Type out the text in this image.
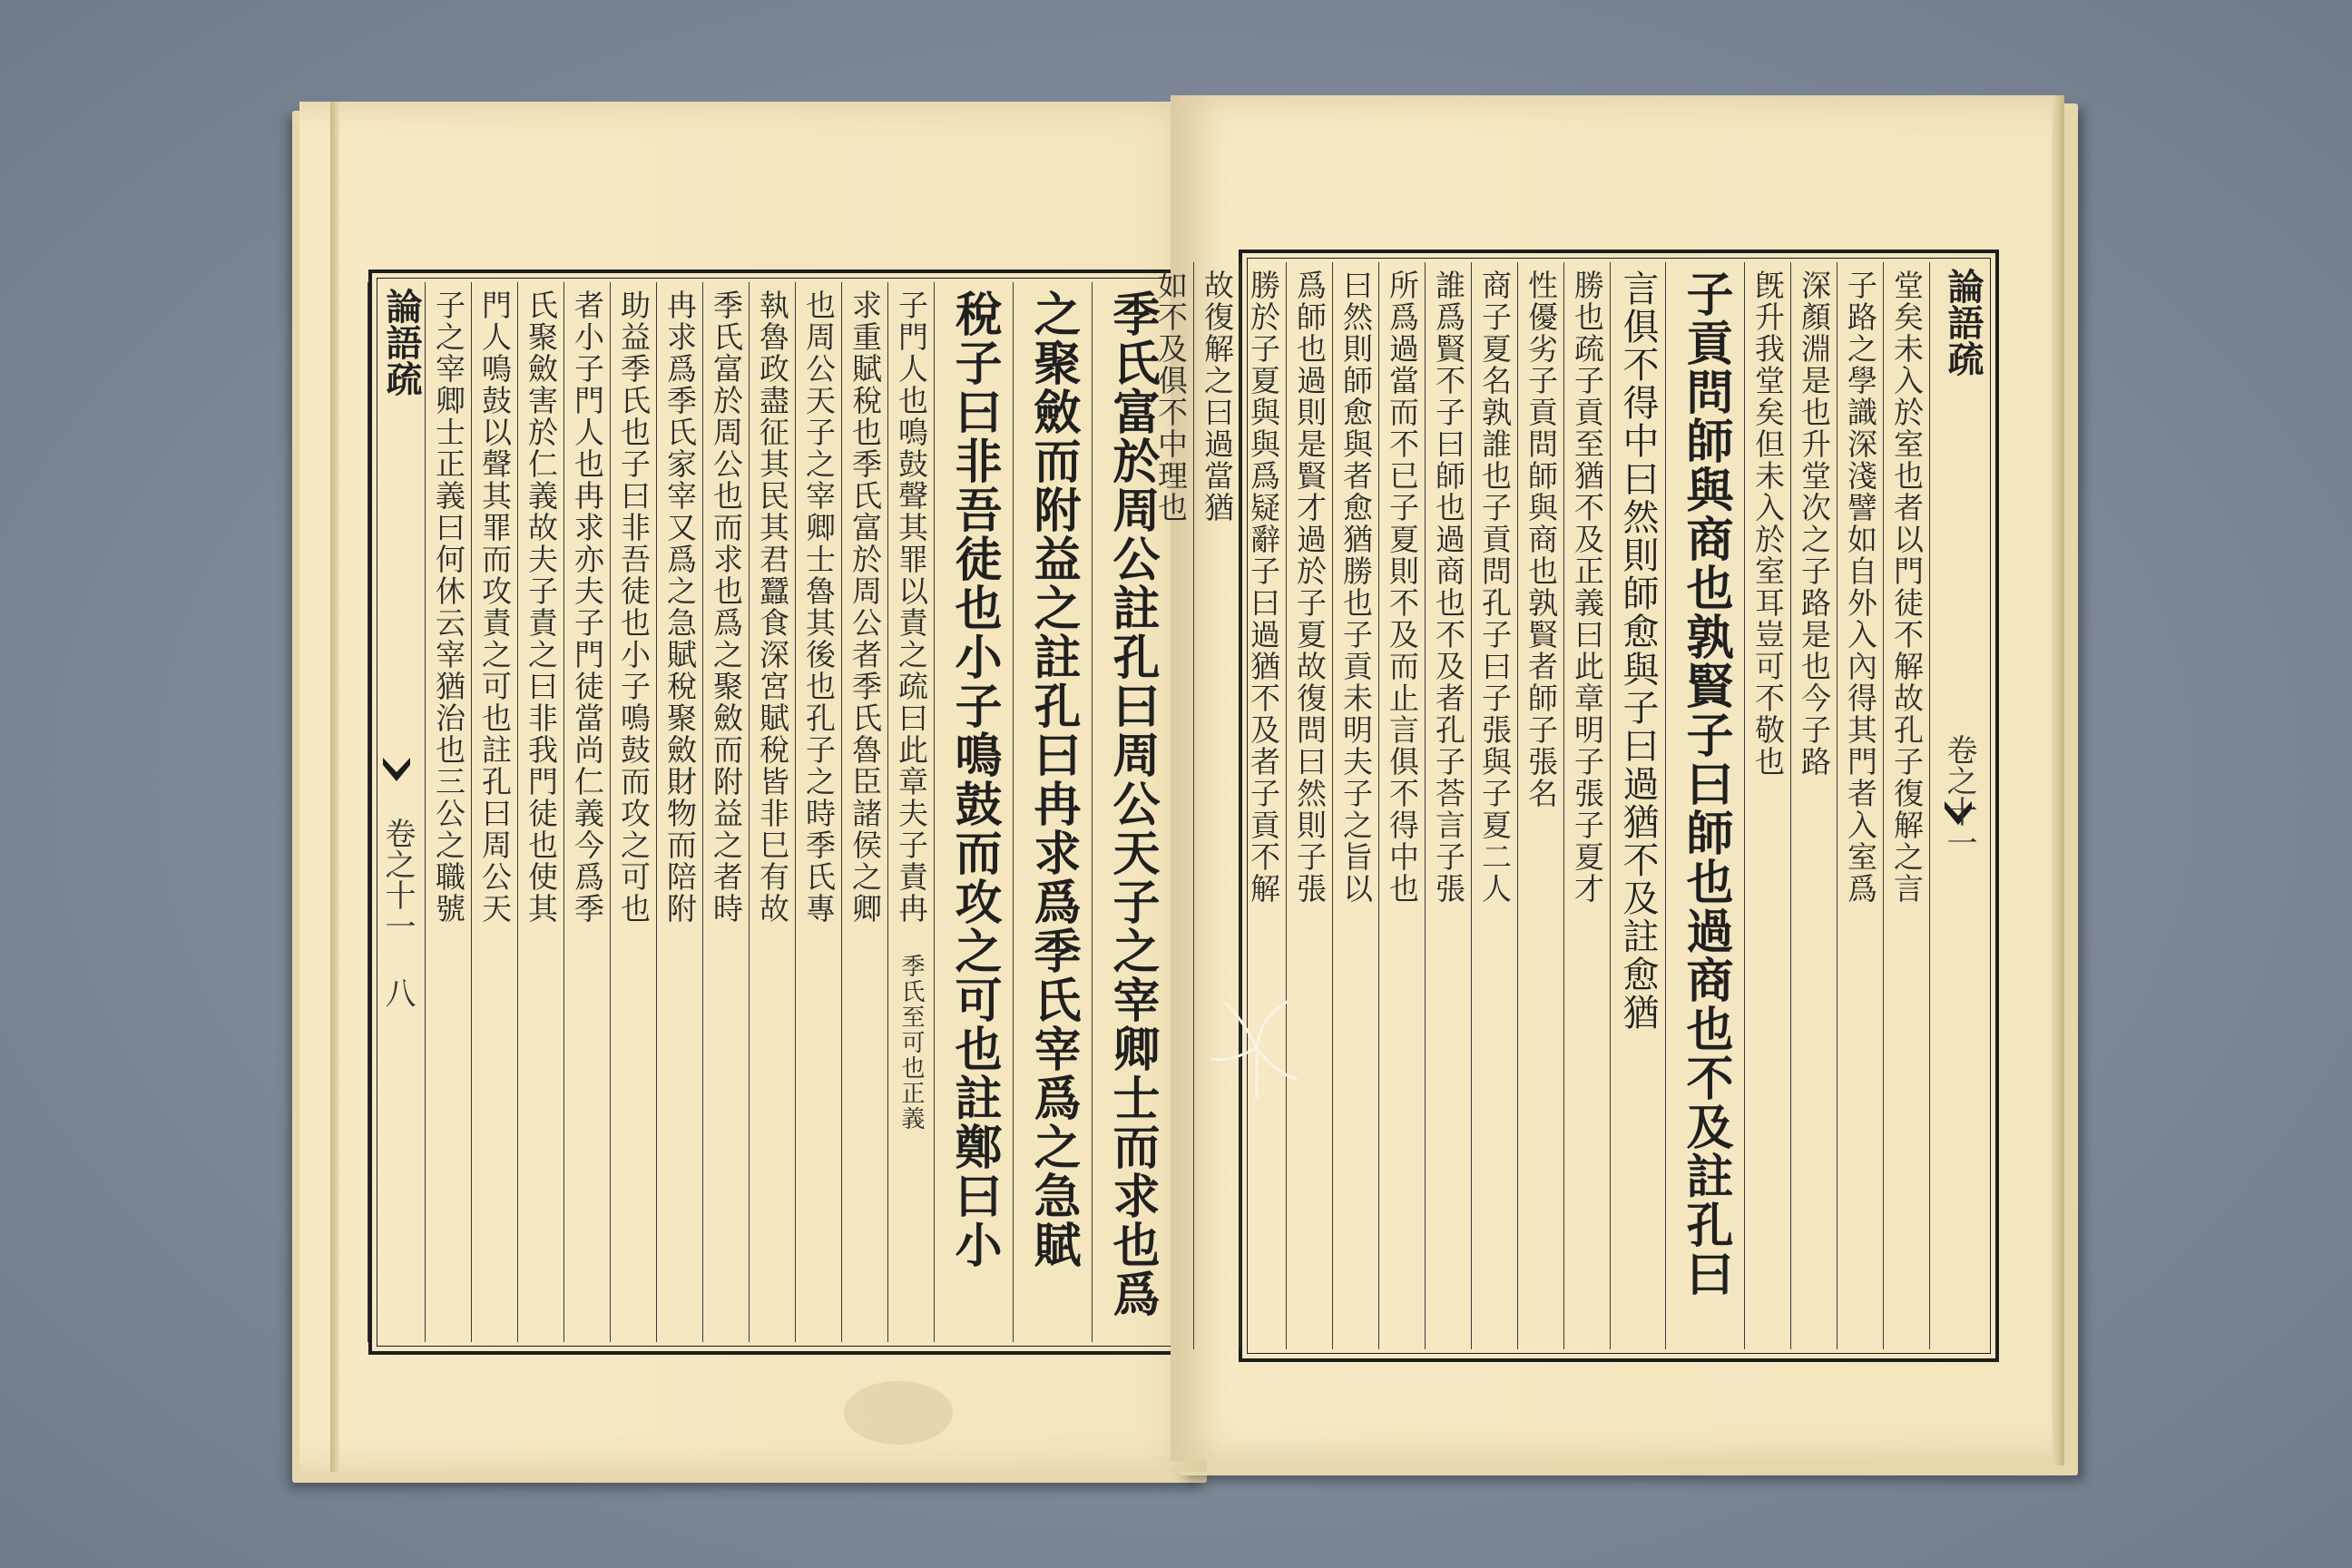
季氏富於周公註孔曰周公天子之宰卿士而求也爲
之聚斂而附益之註孔曰冉求爲季氏宰爲之急賦
稅子曰非吾徒也小子鳴鼓而攻之可也註鄭曰小
子門人也鳴鼓聲其罪以責之疏曰此章夫子責冉 季氏至可也正義
求重賦稅也季氏富於周公者季氏魯臣諸侯之卿
也周公天子之宰卿士魯其後也孔子之時季氏專
執魯政盡征其民其君蠶食深宮賦稅皆非巳有故
季氏富於周公也而求也爲之聚斂而附益之者時
冉求爲季氏家宰又爲之急賦稅聚斂財物而陪附
助益季氏也子曰非吾徒也小子鳴鼓而攻之可也
者小子門人也冉求亦夫子門徒當尚仁義今爲季
氏聚斂害於仁義故夫子責之曰非我門徒也使其
門人鳴鼓以聲其罪而攻責之可也註孔曰周公天
子之宰卿士正義曰何休云宰猶治也三公之職號
論語疏
卷之十一 八
論語疏
卷之十一
堂矣未入於室也者以門徒不解故孔子復解之言
子路之學識深淺譬如自外入內得其門者入室爲
深顏淵是也升堂次之子路是也今子路
旣升我堂矣但未入於室耳豈可不敬也
子貢問師與商也孰賢子曰師也過商也不及註孔曰
言俱不得中曰然則師愈與子曰過猶不及註愈猶
勝也疏子貢至猶不及正義曰此章明子張子夏才
性優劣子貢問師與商也孰賢者師子張名
商子夏名孰誰也子貢問孔子曰子張與子夏二人
誰爲賢不子曰師也過商也不及者孔子荅言子張
所爲過當而不已子夏則不及而止言俱不得中也
曰然則師愈與者愈猶勝也子貢未明夫子之旨以
爲師也過則是賢才過於子夏故復問曰然則子張
勝於子夏與與爲疑辭子曰過猶不及者子貢不解
故復解之曰過當猶
如不及俱不中理也
